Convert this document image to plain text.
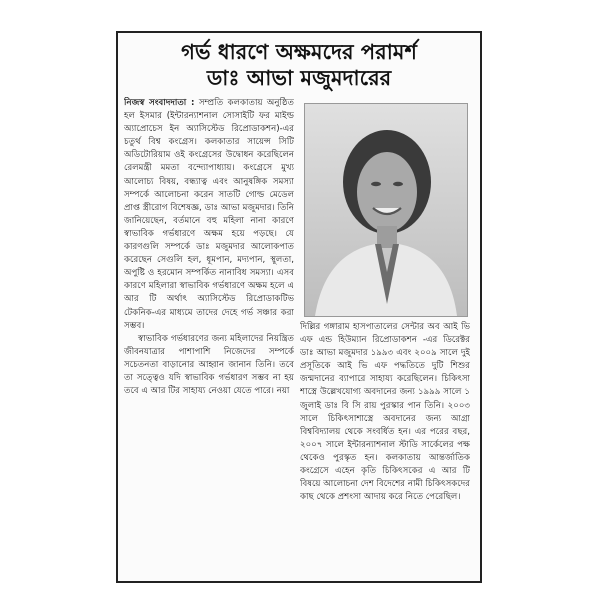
গর্ভ ধারণে অক্ষমদের পরামর্শ
ডাঃ আভা মজুমদারের

নিজস্ব সংবাদদাতা : সম্প্রতি কলকাতায় অনুষ্ঠিত হল ইসমার (ইন্টারন্যাশনাল সোসাইটি ফর মাইল্ড অ্যাপ্রোচেস ইন অ্যাসিস্টেড রিপ্রোডাকশন)-এর চতুর্থ বিশ্ব কংগ্রেস। কলকাতার সায়েন্স সিটি অডিটোরিয়াম ওই কংগ্রেসের উদ্বোধন করেছিলেন রেলমন্ত্রী মমতা বন্দ্যোপাধ্যায়। কংগ্রেসে মুখ্য আলোচ্য বিষয়, বন্ধ্যাত্ব এবং আনুষঙ্গিক সমস্যা সম্পর্কে আলোচনা করেন সাতটি গোল্ড মেডেল প্রাপ্ত স্ত্রীরোগ বিশেষজ্ঞ, ডাঃ আভা মজুমদার। তিনি জানিয়েছেন, বর্তমানে বহু মহিলা নানা কারণে স্বাভাবিক গর্ভধারণে অক্ষম হয়ে পড়ছে। যে কারণগুলি সম্পর্কে ডাঃ মজুমদার আলোকপাত করেছেন সেগুলি হল, ধূমপান, মদ্যপান, স্থূলতা, অপুষ্টি ও হরমোন সম্পর্কিত নানাবিধ সমস্যা। এসব কারণে মহিলারা স্বাভাবিক গর্ভধারণে অক্ষম হলে এ আর টি অর্থাৎ অ্যাসিস্টেড রিপ্রোডাকটিভ টেকনিক-এর মাধ্যমে তাদের দেহে গর্ভ সঞ্চার করা সম্ভব।

স্বাভাবিক গর্ভধারণের জন্য মহিলাদের নিয়ন্ত্রিত জীবনযাত্রার পাশাপাশি নিজেদের সম্পর্কে সচেতনতা বাড়ানোর আহ্বান জানান তিনি। তবে তা সত্ত্বেও যদি স্বাভাবিক গর্ভধারণ সম্ভব না হয় তবে এ আর টির সাহায্য নেওয়া যেতে পারে। নয়া

দিল্লির গঙ্গারাম হাসপাতালের সেন্টার অব আই ভি এফ এন্ড হিউম্যান রিপ্রোডাকশন -এর ডিরেক্টর ডাঃ আভা মজুমদার ১৯৯৩ এবং ২০০৯ সালে দুই প্রসূতিকে আই ভি এফ পদ্ধতিতে দুটি শিশুর জন্মদানের ব্যাপারে সাহায্য করেছিলেন। চিকিৎসা শাস্ত্রে উল্লেখযোগ্য অবদানের জন্য ১৯৯৯ সালে ১ জুলাই ডাঃ বি সি রায় পুরস্কার পান তিনি। ২০০৩ সালে চিকিৎসাশাস্ত্রে অবদানের জন্য আগ্রা বিশ্ববিদ্যালয় থেকে সংবর্ধিত হন। এর পরের বছর, ২০০৭ সালে ইন্টারন্যাশনাল স্টাডি সার্কেলের পক্ষ থেকেও পুরস্কৃত হন। কলকাতায় আন্তর্জাতিক কংগ্রেসে এহেন কৃতি চিকিৎসকের এ আর টি বিষয়ে আলোচনা দেশ বিদেশের নামী চিকিৎসকদের কাছ থেকে প্রশংসা আদায় করে নিতে পেরেছিল।
